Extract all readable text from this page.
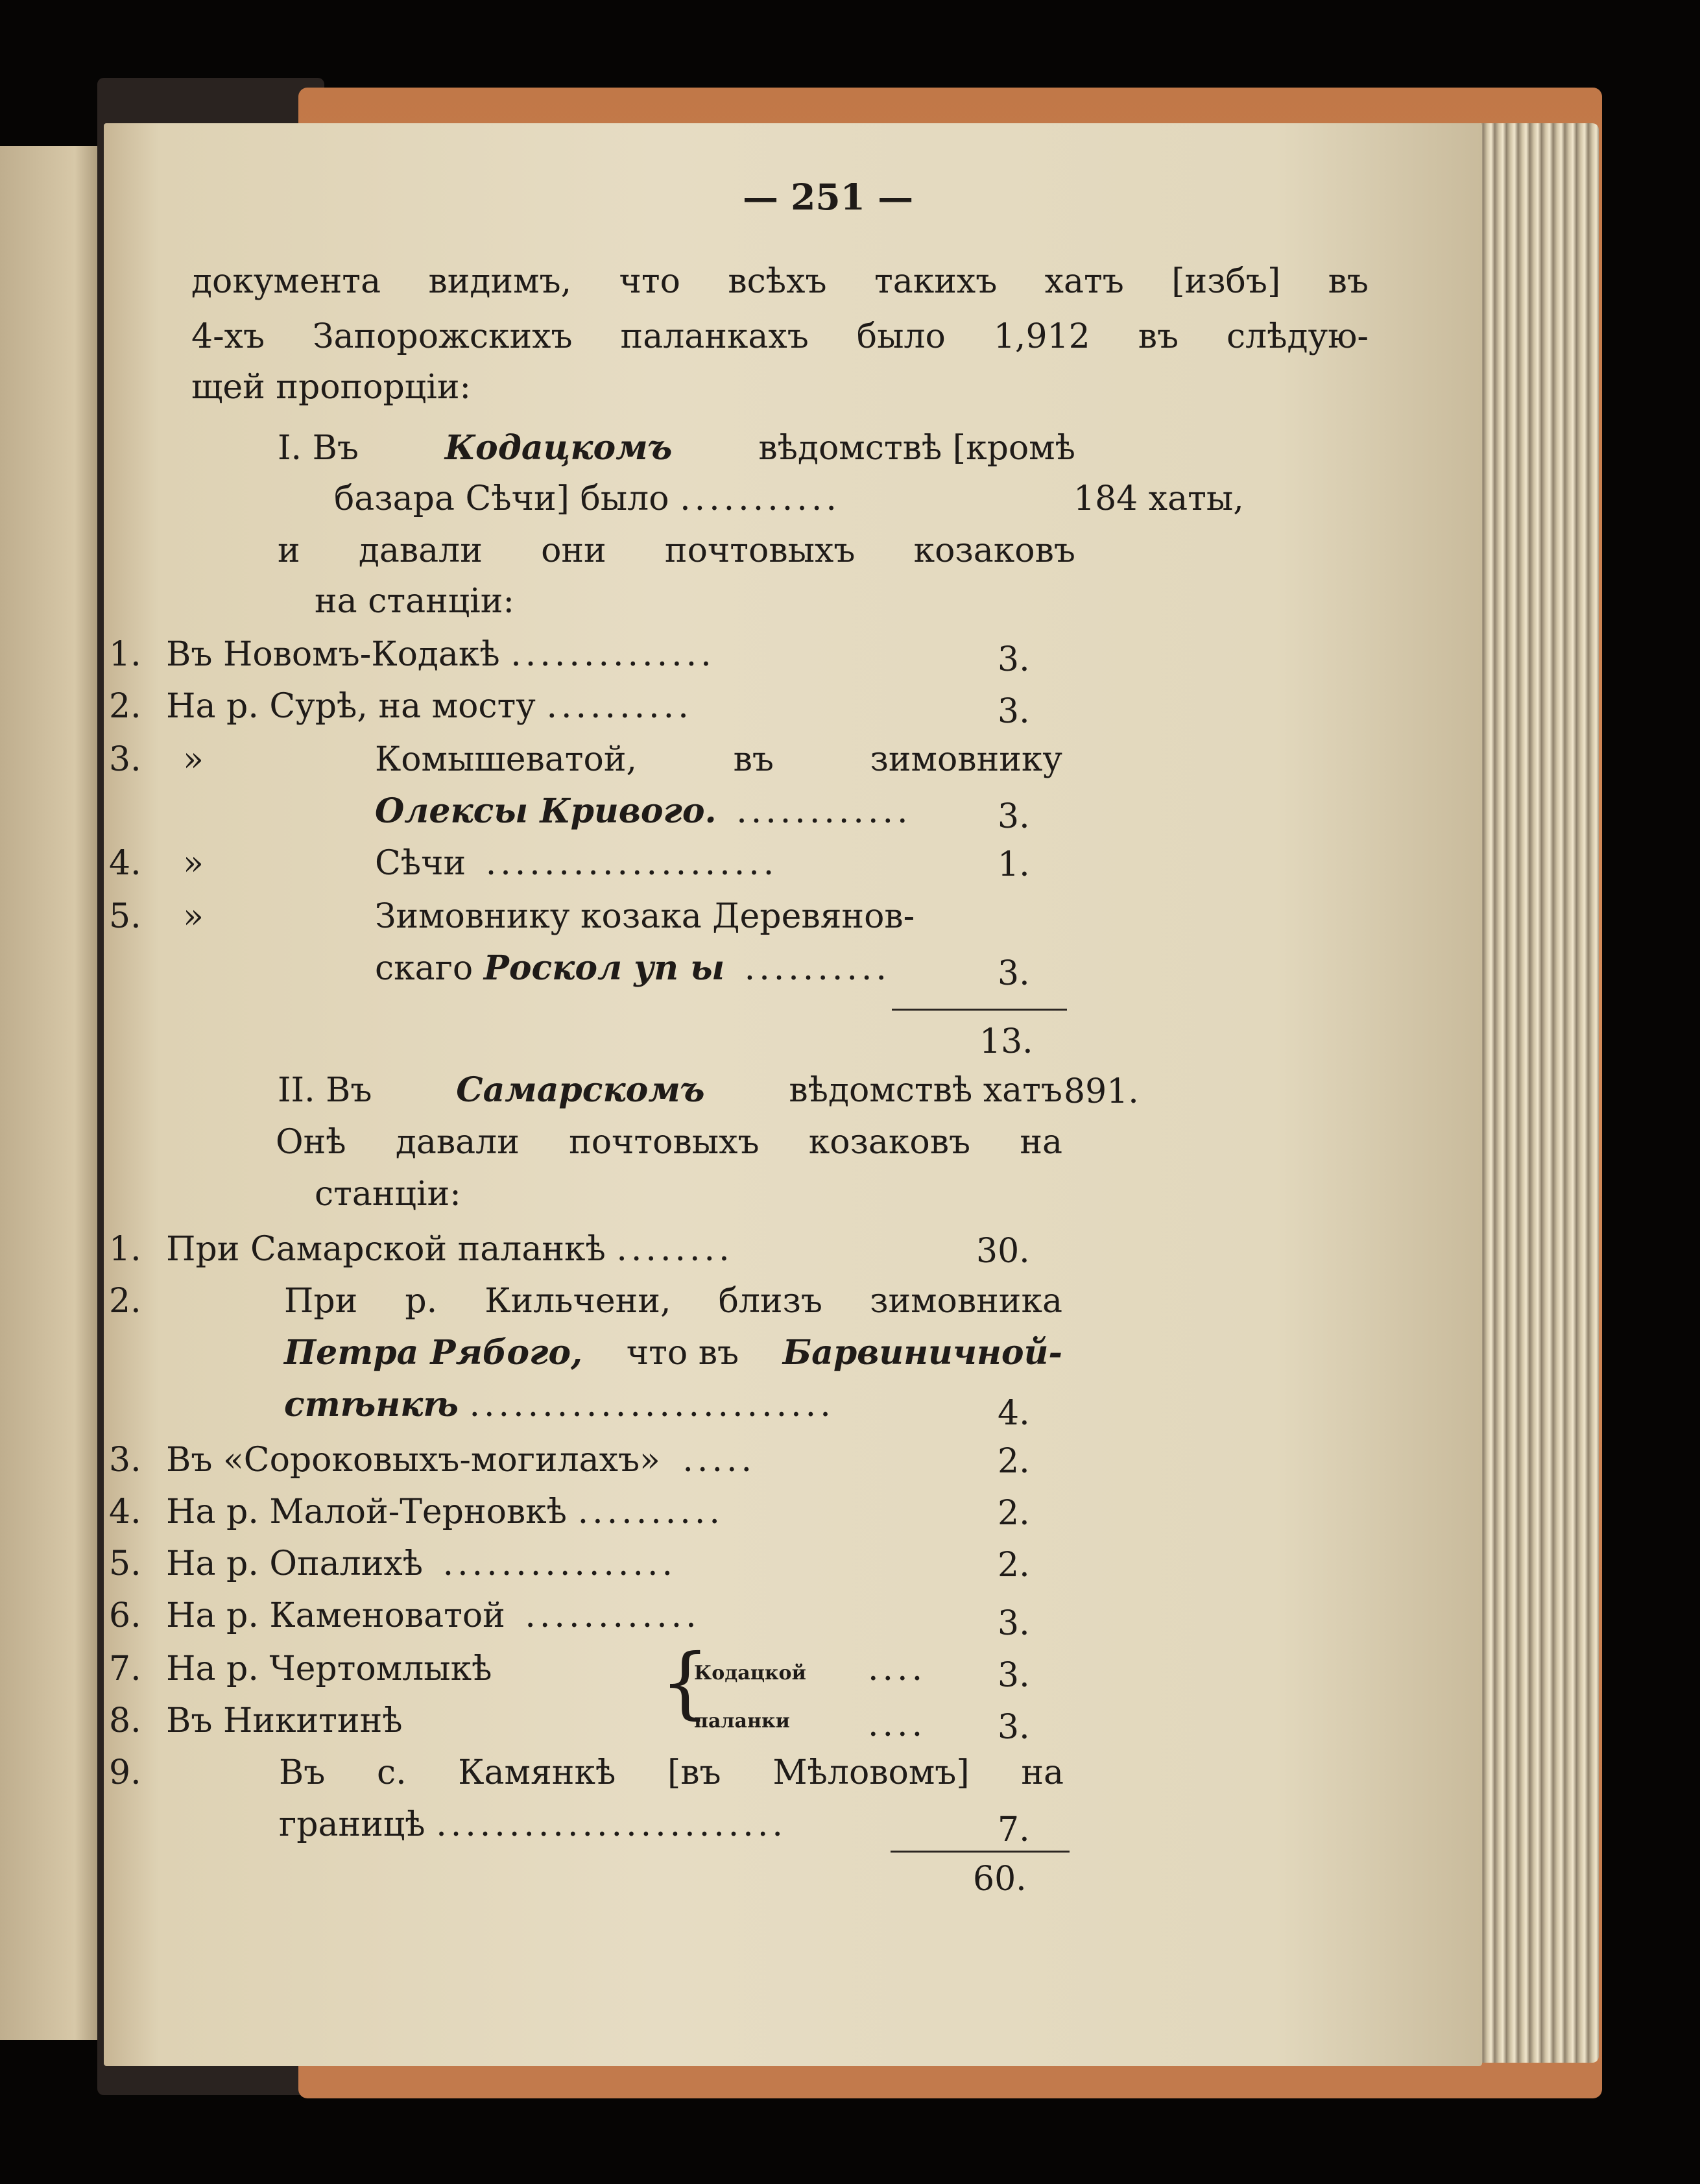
— 251 —
документа видимъ, что всѣхъ такихъ хатъ [избъ] въ
4-хъ Запорожскихъ паланкахъ было 1,912 въ слѣдую-
щей пропорціи:
I. Въ	Кодацкомъ	вѣдомствѣ [кромѣ
базара Сѣчи] было ...........	184 хаты,
и давали они почтовыхъ козаковъ
на станціи:
1. Въ Новомъ-Кодакѣ ..............	3.
2. На р. Сурѣ, на мосту ..........	3.
3. »	Комышеватой,	въ	зимовнику
Олексы Кривого. ............	3.
4. »	Сѣчи ....................	1.
5. »	Зимовнику козака Деревянов-
скаго Роскол уп ы ..........	3.
13.
II. Въ Самарскомъ вѣдомствѣ хатъ 891.
Онѣ давали почтовыхъ козаковъ на
станціи:
1. При Самарской паланкѣ ........	30.
2.	При р. Кильчени, близъ зимовника
Петра Рябого, что въ Барвиничной-
стѣнкѣ .........................	4.
3. Въ «Сороковыхъ-могилахъ» .....	2.
4. На р. Малой-Терновкѣ ..........	2.
5. На р. Опалихѣ ................	2.
6. На р. Каменоватой ............	3.
7. На р. Чертомлыкѣ	.... 3.
8. Въ Никитинѣ	.... 3.
{
Кодацкой
паланки
9.	Въ с. Камянкѣ [въ Мѣловомъ] на
границѣ ........................	7.
60.
